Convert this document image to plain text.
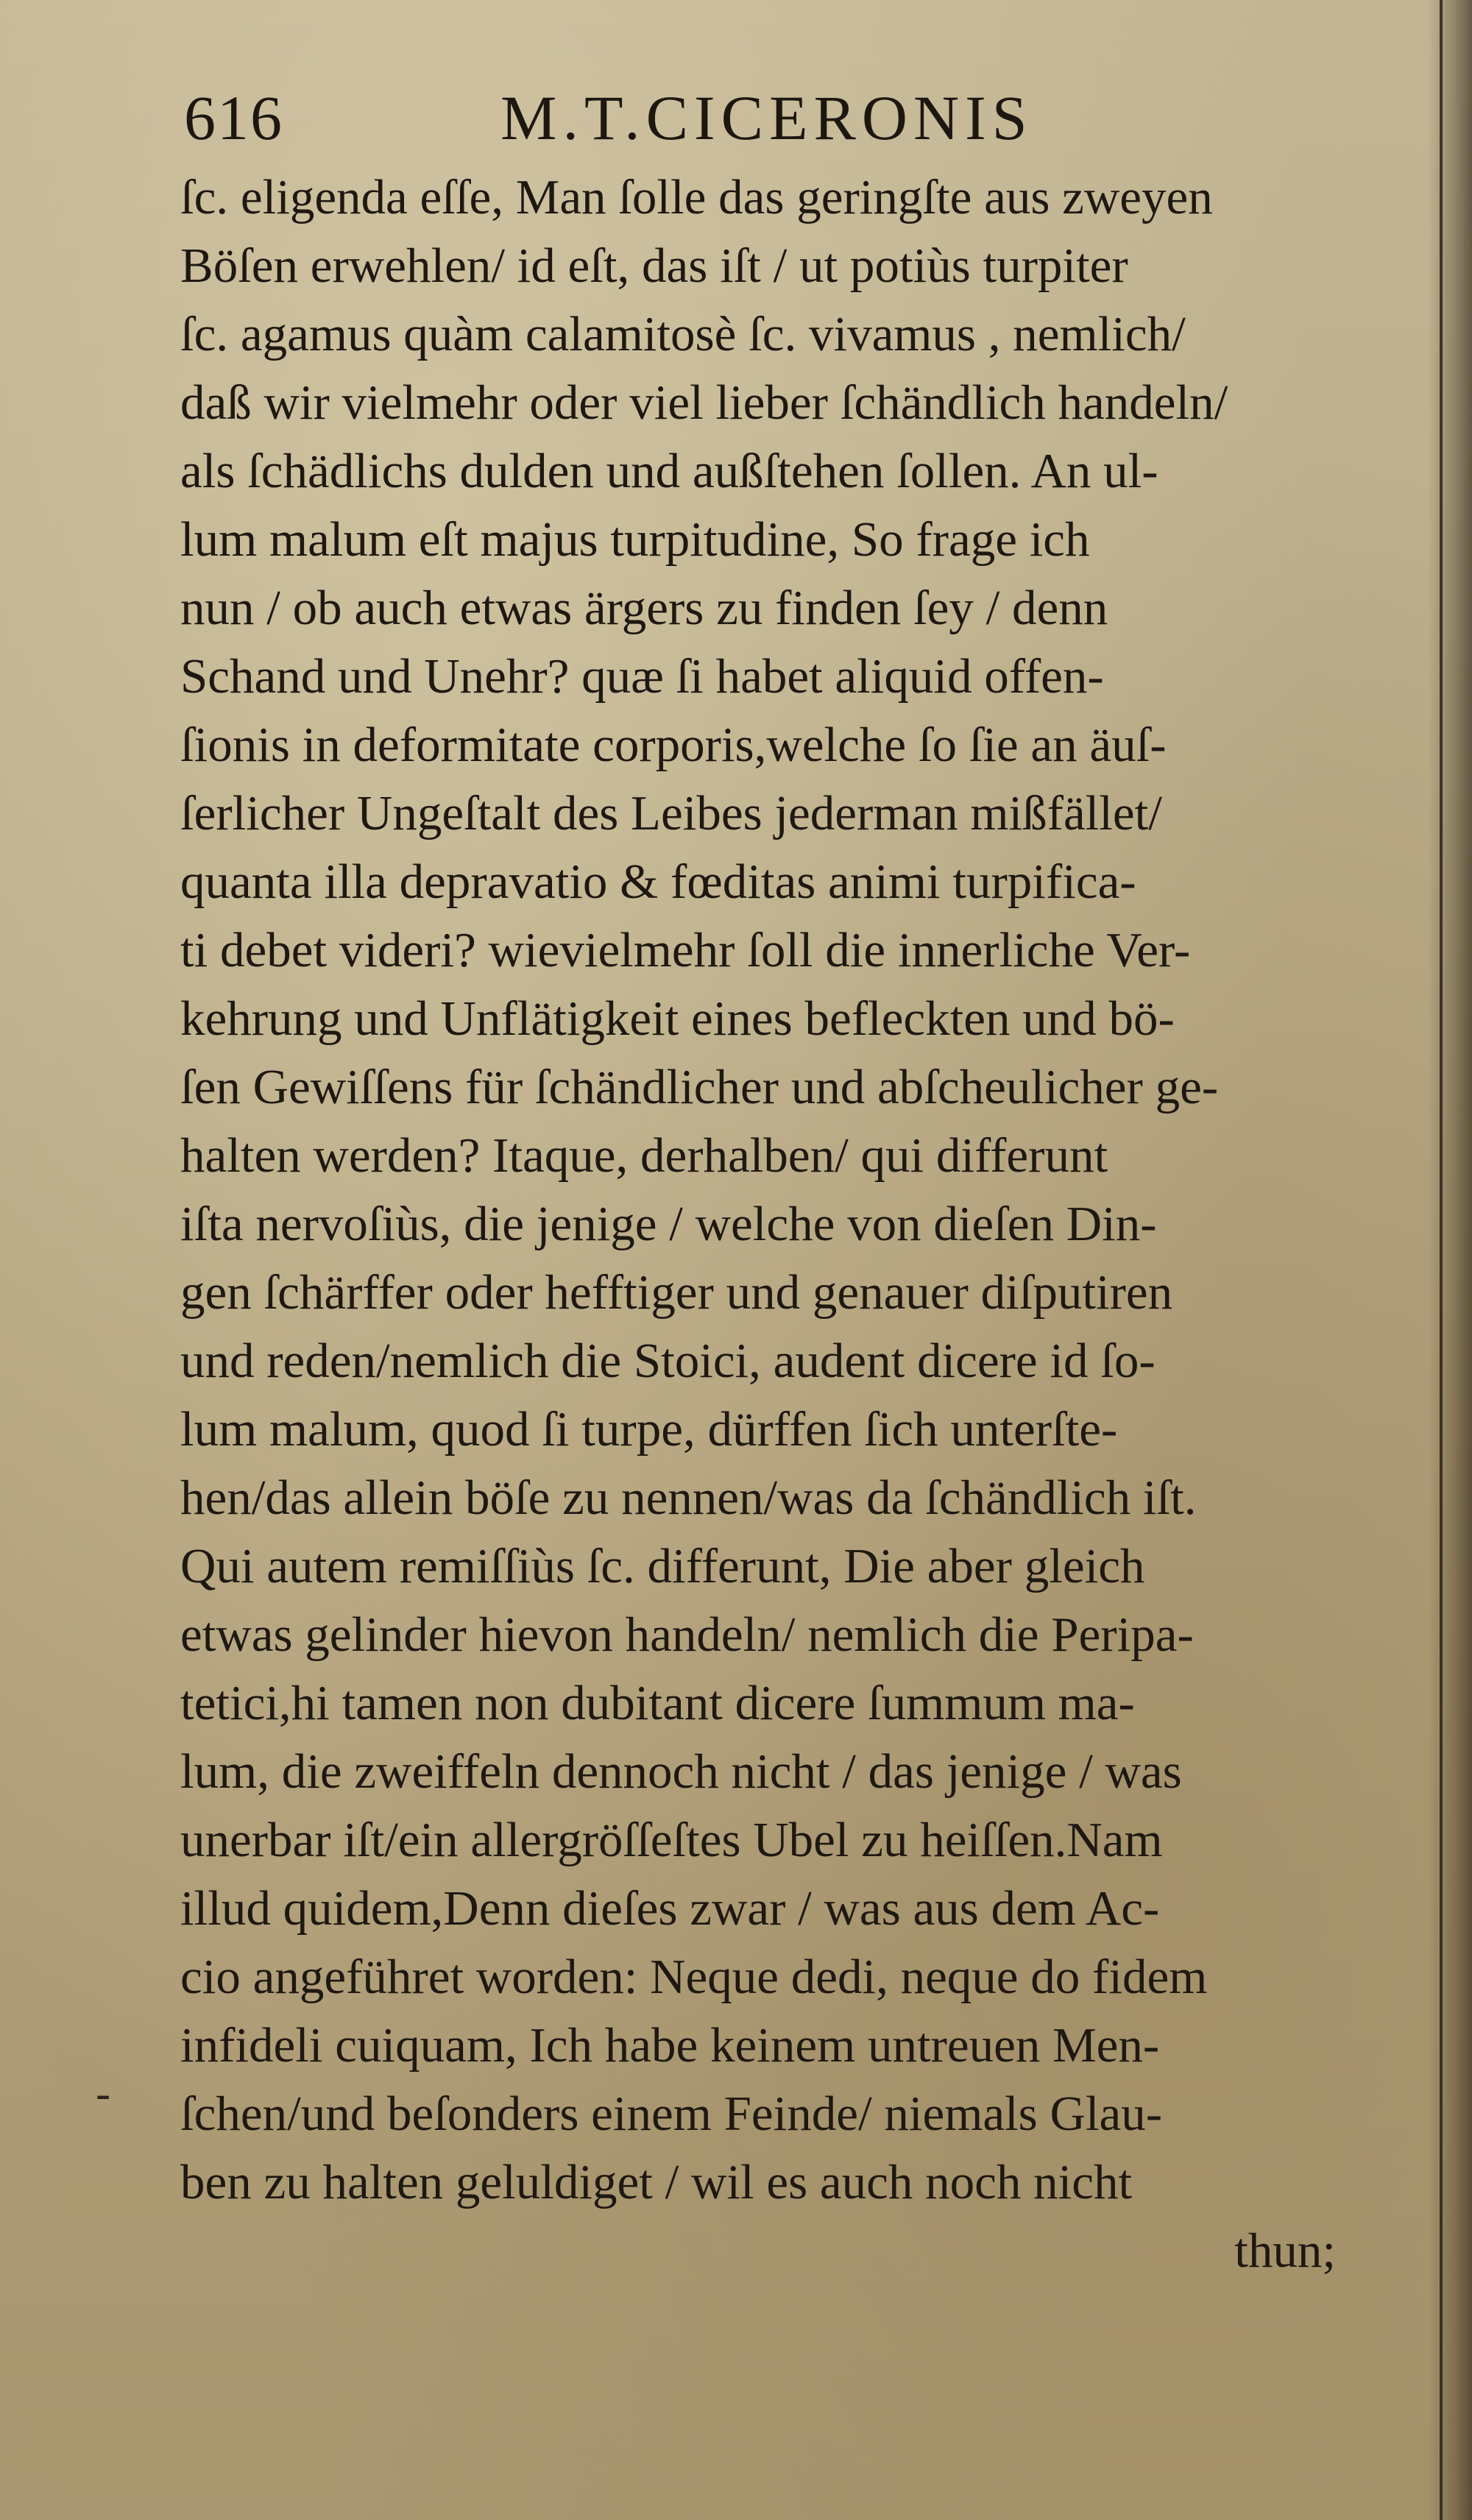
616	M.T.CICERONIS
ſc. eligenda eſſe, Man ſolle das geringſte aus zweyen
Böſen erwehlen/ id eſt, das iſt / ut potiùs turpiter
ſc. agamus quàm calamitosè ſc. vivamus , nemlich/
daß wir vielmehr oder viel lieber ſchändlich handeln/
als ſchädlichs dulden und außſtehen ſollen. An ul-
lum malum eſt majus turpitudine, So frage ich
nun / ob auch etwas ärgers zu finden ſey / denn
Schand und Unehr? quæ ſi habet aliquid offen-
ſionis in deformitate corporis,welche ſo ſie an äuſ-
ſerlicher Ungeſtalt des Leibes jederman mißfället/
quanta illa depravatio & fœditas animi turpifica-
ti debet videri? wievielmehr ſoll die innerliche Ver-
kehrung und Unflätigkeit eines befleckten und bö-
ſen Gewiſſens für ſchändlicher und abſcheulicher ge-
halten werden? Itaque, derhalben/ qui differunt
iſta nervoſiùs, die jenige / welche von dieſen Din-
gen ſchärffer oder hefftiger und genauer diſputiren
und reden/nemlich die Stoici, audent dicere id ſo-
lum malum, quod ſi turpe, dürffen ſich unterſte-
hen/das allein böſe zu nennen/was da ſchändlich iſt.
Qui autem remiſſiùs ſc. differunt, Die aber gleich
etwas gelinder hievon handeln/ nemlich die Peripa-
tetici,hi tamen non dubitant dicere ſummum ma-
lum, die zweiffeln dennoch nicht / das jenige / was
unerbar iſt/ein allergröſſeſtes Ubel zu heiſſen.Nam
illud quidem,Denn dieſes zwar / was aus dem Ac-
cio angeführet worden: Neque dedi, neque do fidem
infideli cuiquam, Ich habe keinem untreuen Men-
ſchen/und beſonders einem Feinde/ niemals Glau-
ben zu halten geluldiget / wil es auch noch nicht
thun;
-
